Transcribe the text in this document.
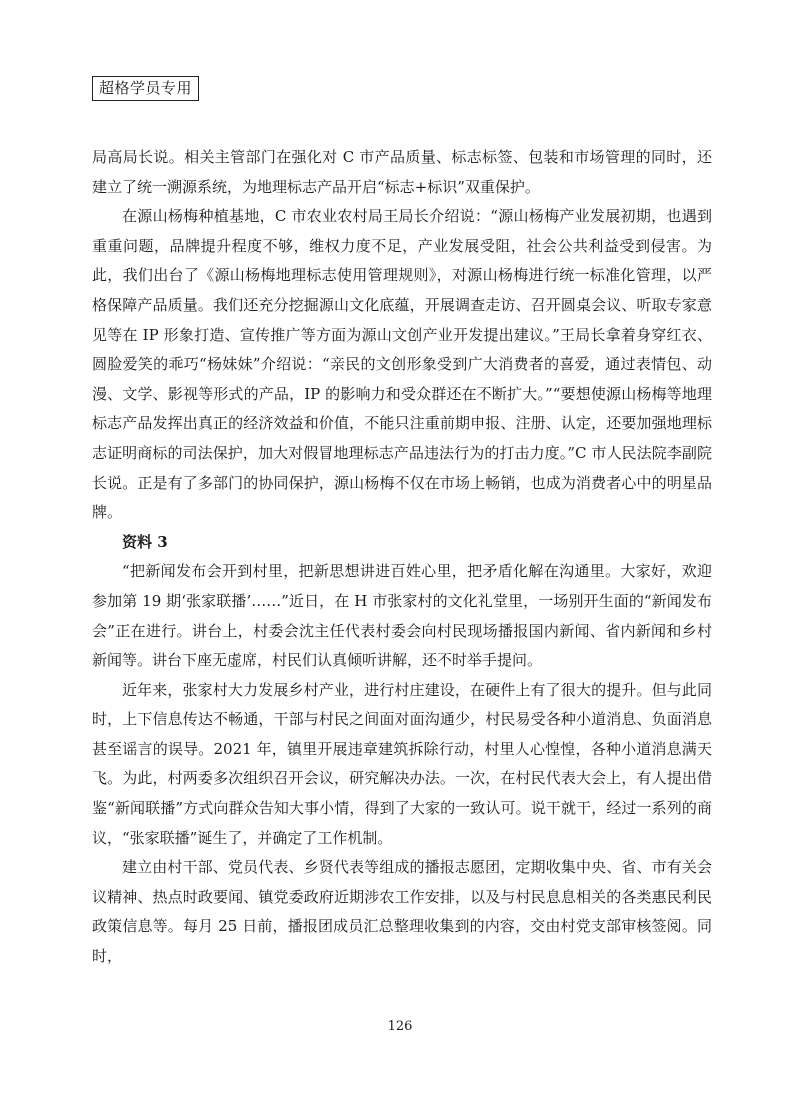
超格学员专用

局高局长说。相关主管部门在强化对 C 市产品质量、标志标签、包装和市场管理的同时，还建立了统一溯源系统，为地理标志产品开启“标志+标识”双重保护。

在源山杨梅种植基地，C 市农业农村局王局长介绍说：“源山杨梅产业发展初期，也遇到重重问题，品牌提升程度不够，维权力度不足，产业发展受阻，社会公共利益受到侵害。为此，我们出台了《源山杨梅地理标志使用管理规则》，对源山杨梅进行统一标准化管理，以严格保障产品质量。我们还充分挖掘源山文化底蕴，开展调查走访、召开圆桌会议、听取专家意见等在 IP 形象打造、宣传推广等方面为源山文创产业开发提出建议。”王局长拿着身穿红衣、圆脸爱笑的乖巧“杨妹妹”介绍说：“亲民的文创形象受到广大消费者的喜爱，通过表情包、动漫、文学、影视等形式的产品，IP 的影响力和受众群还在不断扩大。”“要想使源山杨梅等地理标志产品发挥出真正的经济效益和价值，不能只注重前期申报、注册、认定，还要加强地理标志证明商标的司法保护，加大对假冒地理标志产品违法行为的打击力度。”C 市人民法院李副院长说。正是有了多部门的协同保护，源山杨梅不仅在市场上畅销，也成为消费者心中的明星品牌。

资料 3

“把新闻发布会开到村里，把新思想讲进百姓心里，把矛盾化解在沟通里。大家好，欢迎参加第 19 期‘张家联播’……”近日，在 H 市张家村的文化礼堂里，一场别开生面的“新闻发布会”正在进行。讲台上，村委会沈主任代表村委会向村民现场播报国内新闻、省内新闻和乡村新闻等。讲台下座无虚席，村民们认真倾听讲解，还不时举手提问。

近年来，张家村大力发展乡村产业，进行村庄建设，在硬件上有了很大的提升。但与此同时，上下信息传达不畅通，干部与村民之间面对面沟通少，村民易受各种小道消息、负面消息甚至谣言的误导。2021 年，镇里开展违章建筑拆除行动，村里人心惶惶，各种小道消息满天飞。为此，村两委多次组织召开会议，研究解决办法。一次，在村民代表大会上，有人提出借鉴“新闻联播”方式向群众告知大事小情，得到了大家的一致认可。说干就干，经过一系列的商议，“张家联播”诞生了，并确定了工作机制。

建立由村干部、党员代表、乡贤代表等组成的播报志愿团，定期收集中央、省、市有关会议精神、热点时政要闻、镇党委政府近期涉农工作安排，以及与村民息息相关的各类惠民利民政策信息等。每月 25 日前，播报团成员汇总整理收集到的内容，交由村党支部审核签阅。同时，

126
